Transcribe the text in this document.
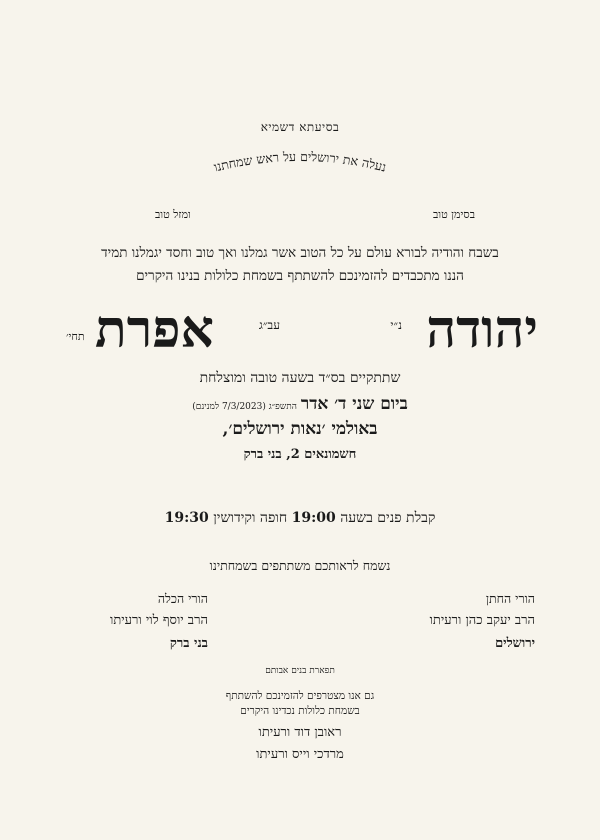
בסיעתא דשמיא
נעלה את ירושלים על ראש שמחתנו
בסימן טוב
ומזל טוב
בשבח והודיה לבורא עולם על כל הטוב אשר גמלנו ואך טוב וחסד יגמלנו תמיד
הננו מתכבדים להזמינכם להשתתף בשמחת כלולות בנינו היקרים
יהודה
נ״י
עב״ג
אפרת
תחי׳
שתתקיים בס״ד בשעה טובה ומוצלחת
ביום שני ד׳ אדרהתשפ״ג (7/3/2023 למנינם)
באולמי ׳נאות ירושלים׳,
חשמונאים 2, בני ברק
קבלת פנים בשעה 19:00 חופה וקידושין 19:30
נשמח לראותכם משתתפים בשמחתינו
הורי החתן
הרב יעקב כהן ורעיתו
ירושלים
הורי הכלה
הרב יוסף לוי ורעיתו
בני ברק
תפארת בנים אבותם
גם אנו מצטרפים להזמינכם להשתתף
בשמחת כלולות נכדינו היקרים
ראובן דוד ורעיתו
מרדכי וייס ורעיתו
